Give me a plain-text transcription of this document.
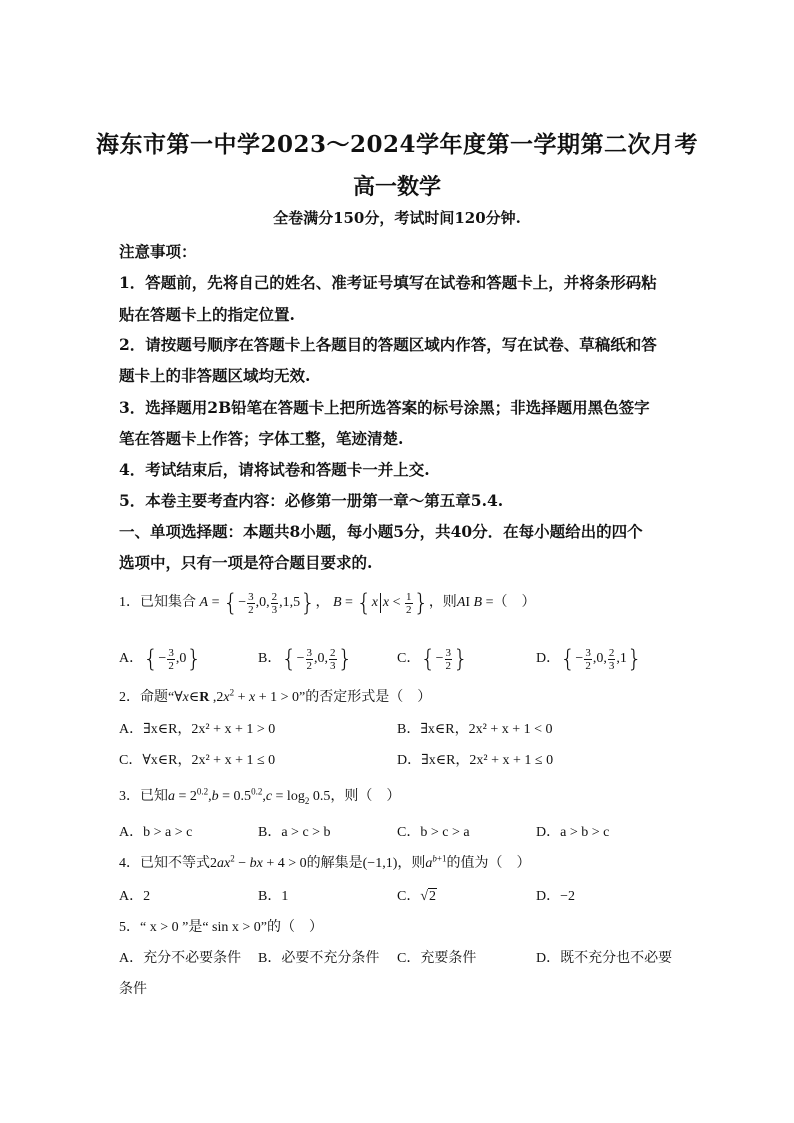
海东市第一中学2023～2024学年度第一学期第二次月考
高一数学
全卷满分150分，考试时间120分钟.
注意事项：
1．答题前，先将自己的姓名、准考证号填写在试卷和答题卡上，并将条形码粘
贴在答题卡上的指定位置.
2．请按题号顺序在答题卡上各题目的答题区域内作答，写在试卷、草稿纸和答
题卡上的非答题区域均无效.
3．选择题用2B铅笔在答题卡上把所选答案的标号涂黑；非选择题用黑色签字
笔在答题卡上作答；字体工整，笔迹清楚.
4．考试结束后，请将试卷和答题卡一并上交.
5．本卷主要考查内容：必修第一册第一章～第五章5.4.
一、单项选择题：本题共8小题，每小题5分，共40分．在每小题给出的四个
选项中，只有一项是符合题目要求的.
1．已知集合 A = {− $\frac{3}{2} ,0$, $\frac{2}{3} ,1,5$}， B = {x $x < \frac{1}{2}$ }，则AΙ B =（　）
A．{− $\frac{3}{2} ,0$}	B．{− $\frac{3}{2} ,0$, $\frac{2}{3}$ }	C．{− $\frac{3}{2}$ }	D．{− $\frac{3}{2} ,0$, $\frac{2}{3} ,1$}
2．命题“∀x∈R $,2x^2 + x + 1 > 0$”的否定形式是（　）
A．∃x∈R，2x² + x + 1 > 0	B．∃x∈R，2x² + x + 1 < 0
C．∀x∈R，2x² + x + 1 ≤ 0	D．∃x∈R，2x² + x + 1 ≤ 0
3．已知$a = 2^{0.2},b = 0.5^{0.2},c = \log_2 0.5$，则（　）
A．b > a > c	B．a > c > b	C．b > c > a	D．a > b > c
4．已知不等式$2ax^2$ − bx + 4 > 0的解集是(−1,1)，则$a^{b+1}$的值为（　）
A．2	B．1	C．√2	D．−2
5．“ x > 0 ”是“ sin x > 0”的（　）
A．充分不必要条件 B．必要不充分条件 C．充要条件	D．既不充分也不必要
条件
